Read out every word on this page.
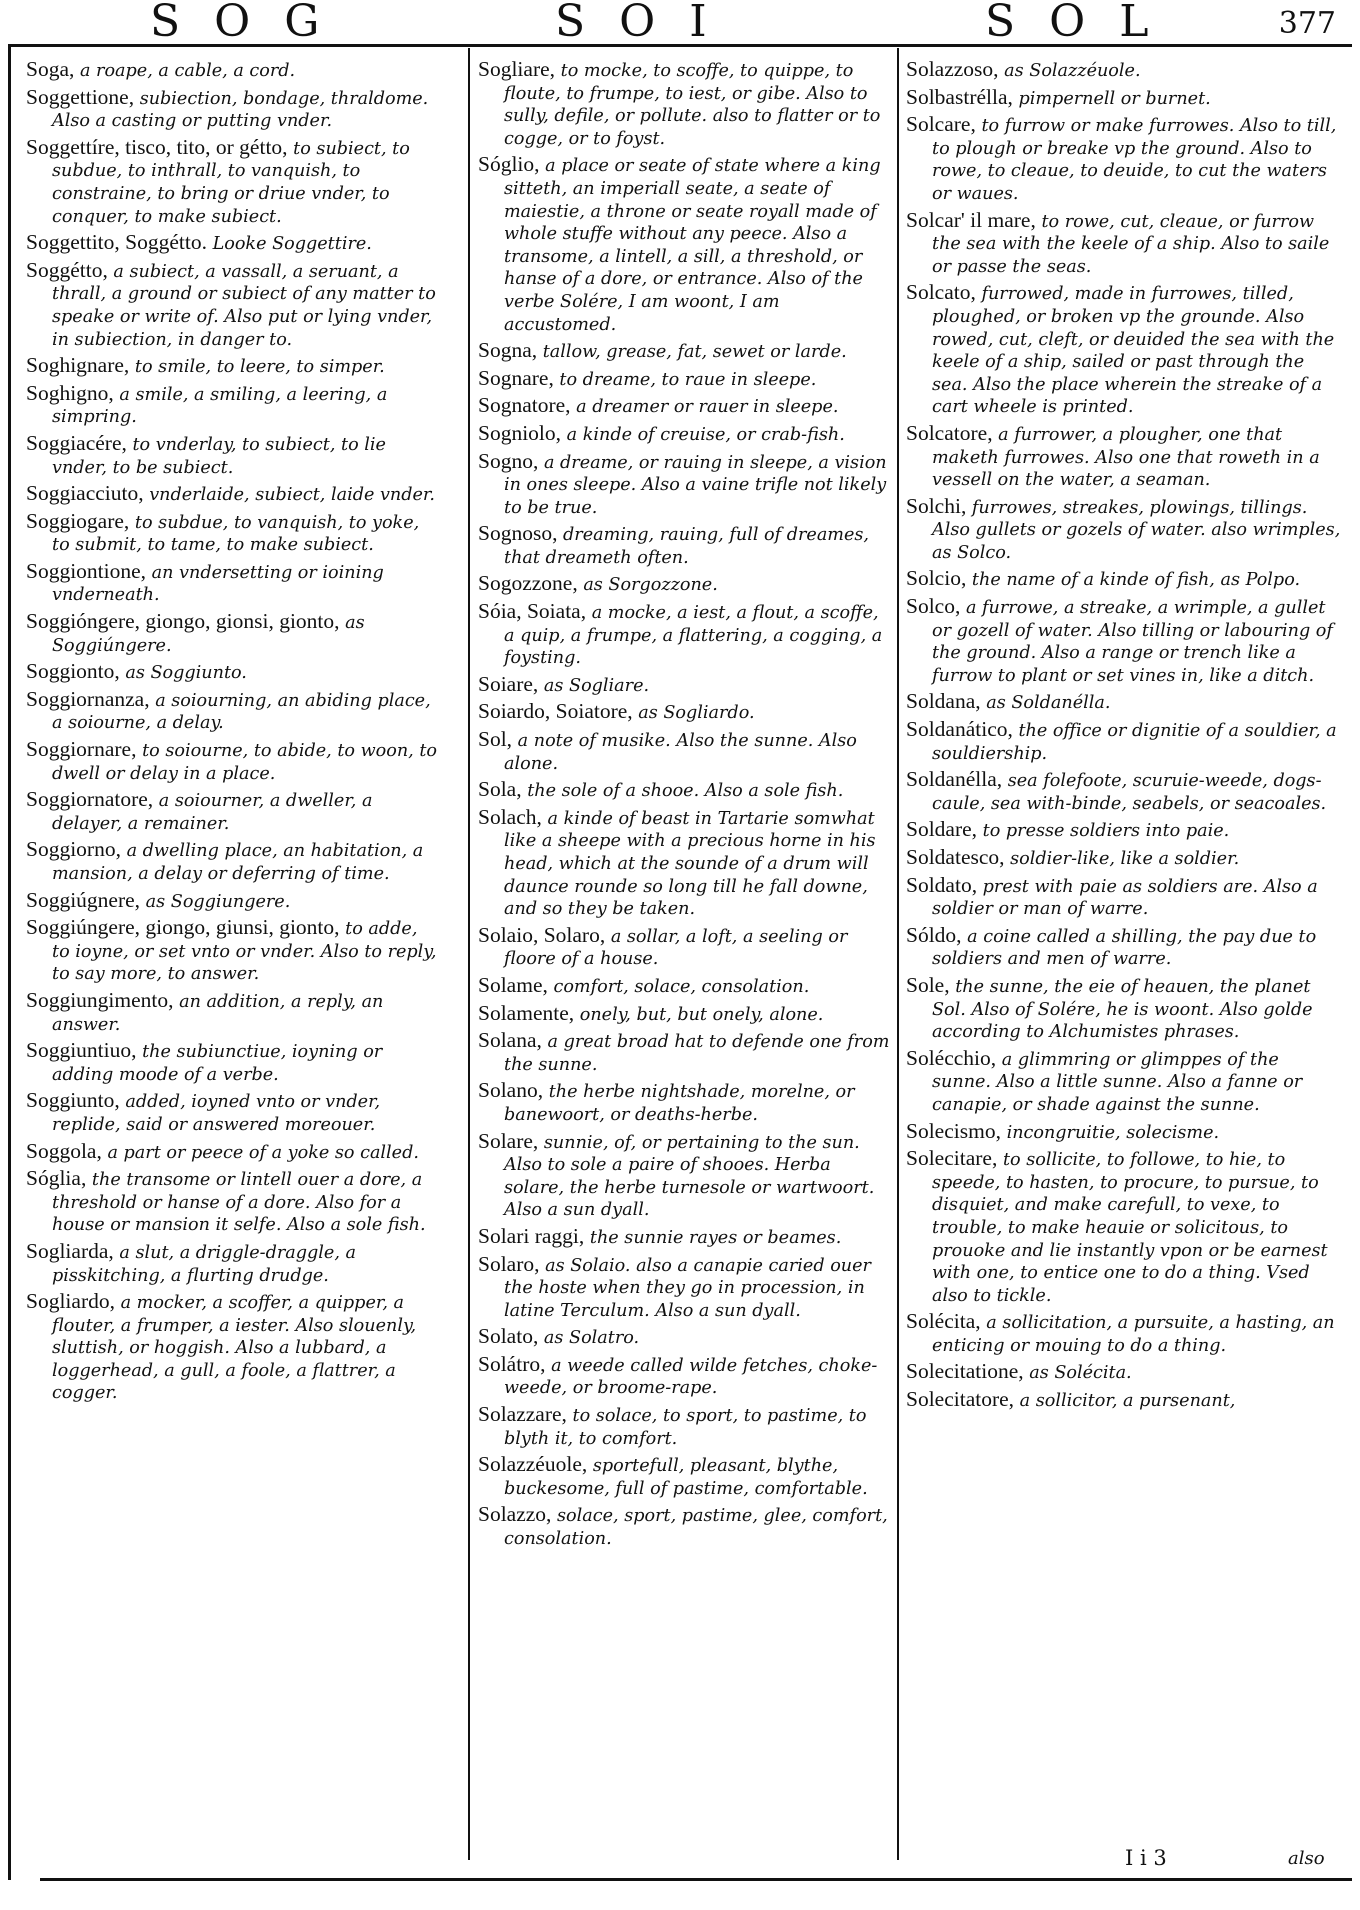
SOG	SOI	SOL	377
Soga, a roape, a cable, a cord.
Soggettione, subiection, bondage, thraldome. Also a casting or putting vnder.
Soggettíre, tisco, tito, or gétto, to subiect, to subdue, to inthrall, to vanquish, to constraine, to bring or driue vnder, to conquer, to make subiect.
Soggettito, Soggétto. Looke Soggettire.
Soggétto, a subiect, a vassall, a seruant, a thrall, a ground or subiect of any matter to speake or write of. Also put or lying vnder, in subiection, in danger to.
Soghignare, to smile, to leere, to simper.
Soghigno, a smile, a smiling, a leering, a simpring.
Soggiacére, to vnderlay, to subiect, to lie vnder, to be subiect.
Soggiacciuto, vnderlaide, subiect, laide vnder.
Soggiogare, to subdue, to vanquish, to yoke, to submit, to tame, to make subiect.
Soggiontione, an vndersetting or ioining vnderneath.
Soggióngere, giongo, gionsi, gionto, as Soggiúngere.
Soggionto, as Soggiunto.
Soggiornanza, a soiourning, an abiding place, a soiourne, a delay.
Soggiornare, to soiourne, to abide, to woon, to dwell or delay in a place.
Soggiornatore, a soiourner, a dweller, a delayer, a remainer.
Soggiorno, a dwelling place, an habitation, a mansion, a delay or deferring of time.
Soggiúgnere, as Soggiungere.
Soggiúngere, giongo, giunsi, gionto, to adde, to ioyne, or set vnto or vnder. Also to reply, to say more, to answer.
Soggiungimento, an addition, a reply, an answer.
Soggiuntiuo, the subiunctiue, ioyning or adding moode of a verbe.
Soggiunto, added, ioyned vnto or vnder, replide, said or answered moreouer.
Soggola, a part or peece of a yoke so called.
Sóglia, the transome or lintell ouer a dore, a threshold or hanse of a dore. Also for a house or mansion it selfe. Also a sole fish.
Sogliarda, a slut, a driggle-draggle, a pisskitching, a flurting drudge.
Sogliardo, a mocker, a scoffer, a quipper, a flouter, a frumper, a iester. Also slouenly, sluttish, or hoggish. Also a lubbard, a loggerhead, a gull, a foole, a flattrer, a cogger.
Sogliare, to mocke, to scoffe, to quippe, to floute, to frumpe, to iest, or gibe. Also to sully, defile, or pollute. also to flatter or to cogge, or to foyst.
Sóglio, a place or seate of state where a king sitteth, an imperiall seate, a seate of maiestie, a throne or seate royall made of whole stuffe without any peece. Also a transome, a lintell, a sill, a threshold, or hanse of a dore, or entrance. Also of the verbe Solére, I am woont, I am accustomed.
Sogna, tallow, grease, fat, sewet or larde.
Sognare, to dreame, to raue in sleepe.
Sognatore, a dreamer or rauer in sleepe.
Sogniolo, a kinde of creuise, or crab-fish.
Sogno, a dreame, or rauing in sleepe, a vision in ones sleepe. Also a vaine trifle not likely to be true.
Sognoso, dreaming, rauing, full of dreames, that dreameth often.
Sogozzone, as Sorgozzone.
Sóia, Soiata, a mocke, a iest, a flout, a scoffe, a quip, a frumpe, a flattering, a cogging, a foysting.
Soiare, as Sogliare.
Soiardo, Soiatore, as Sogliardo.
Sol, a note of musike. Also the sunne. Also alone.
Sola, the sole of a shooe. Also a sole fish.
Solach, a kinde of beast in Tartarie somwhat like a sheepe with a precious horne in his head, which at the sounde of a drum will daunce rounde so long till he fall downe, and so they be taken.
Solaio, Solaro, a sollar, a loft, a seeling or floore of a house.
Solame, comfort, solace, consolation.
Solamente, onely, but, but onely, alone.
Solana, a great broad hat to defende one from the sunne.
Solano, the herbe nightshade, morelne, or banewoort, or deaths-herbe.
Solare, sunnie, of, or pertaining to the sun. Also to sole a paire of shooes. Herba solare, the herbe turnesole or wartwoort. Also a sun dyall.
Solari raggi, the sunnie rayes or beames.
Solaro, as Solaio. also a canapie caried ouer the hoste when they go in procession, in latine Terculum. Also a sun dyall.
Solato, as Solatro.
Solátro, a weede called wilde fetches, choke-weede, or broome-rape.
Solazzare, to solace, to sport, to pastime, to blyth it, to comfort.
Solazzéuole, sportefull, pleasant, blythe, buckesome, full of pastime, comfortable.
Solazzo, solace, sport, pastime, glee, comfort, consolation.
Solazzoso, as Solazzéuole.
Solbastrélla, pimpernell or burnet.
Solcare, to furrow or make furrowes. Also to till, to plough or breake vp the ground. Also to rowe, to cleaue, to deuide, to cut the waters or waues.
Solcar' il mare, to rowe, cut, cleaue, or furrow the sea with the keele of a ship. Also to saile or passe the seas.
Solcato, furrowed, made in furrowes, tilled, ploughed, or broken vp the grounde. Also rowed, cut, cleft, or deuided the sea with the keele of a ship, sailed or past through the sea. Also the place wherein the streake of a cart wheele is printed.
Solcatore, a furrower, a plougher, one that maketh furrowes. Also one that roweth in a vessell on the water, a seaman.
Solchi, furrowes, streakes, plowings, tillings. Also gullets or gozels of water. also wrimples, as Solco.
Solcio, the name of a kinde of fish, as Polpo.
Solco, a furrowe, a streake, a wrimple, a gullet or gozell of water. Also tilling or labouring of the ground. Also a range or trench like a furrow to plant or set vines in, like a ditch.
Soldana, as Soldanélla.
Soldanático, the office or dignitie of a souldier, a souldiership.
Soldanélla, sea folefoote, scuruie-weede, dogs-caule, sea with-binde, seabels, or seacoales.
Soldare, to presse soldiers into paie.
Soldatesco, soldier-like, like a soldier.
Soldato, prest with paie as soldiers are. Also a soldier or man of warre.
Sóldo, a coine called a shilling, the pay due to soldiers and men of warre.
Sole, the sunne, the eie of heauen, the planet Sol. Also of Solére, he is woont. Also golde according to Alchumistes phrases.
Solécchio, a glimmring or glimppes of the sunne. Also a little sunne. Also a fanne or canapie, or shade against the sunne.
Solecismo, incongruitie, solecisme.
Solecitare, to sollicite, to followe, to hie, to speede, to hasten, to procure, to pursue, to disquiet, and make carefull, to vexe, to trouble, to make heauie or solicitous, to prouoke and lie instantly vpon or be earnest with one, to entice one to do a thing. Vsed also to tickle.
Solécita, a sollicitation, a pursuite, a hasting, an enticing or mouing to do a thing.
Solecitatione, as Solécita.
Solecitatore, a sollicitor, a pursenant,
I i 3	also
